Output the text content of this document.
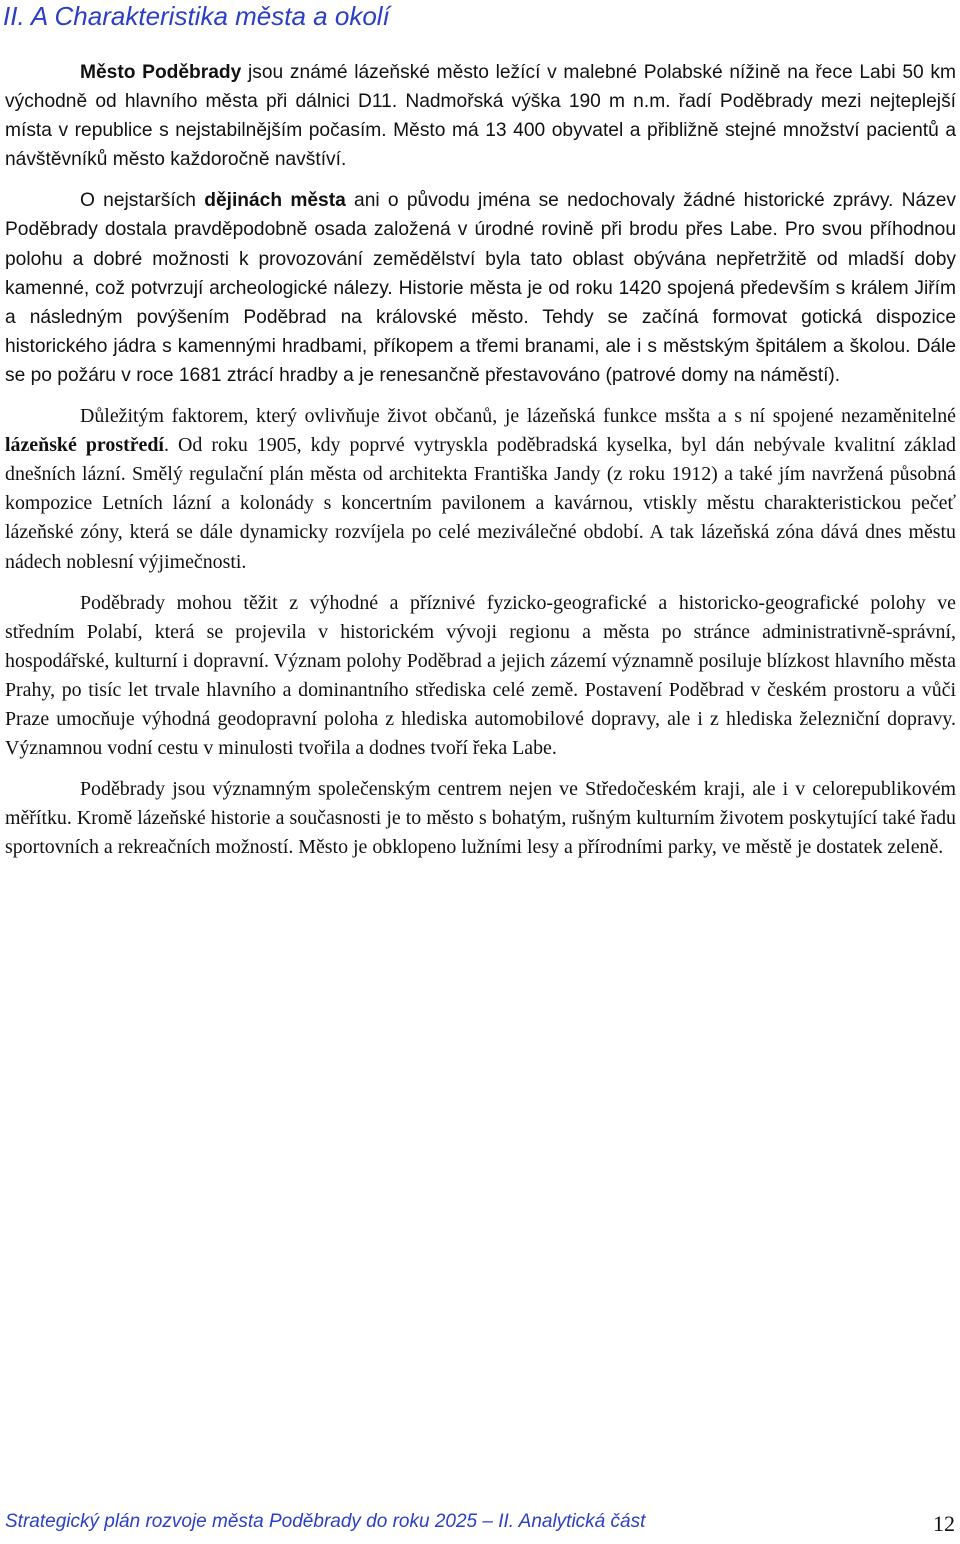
II. A Charakteristika města a okolí

Město Poděbrady jsou známé lázeňské město ležící v malebné Polabské nížině na řece Labi 50 km východně od hlavního města při dálnici D11. Nadmořská výška 190 m n.m. řadí Poděbrady mezi nejteplejší místa v republice s nejstabilnějším počasím. Město má 13 400 obyvatel a přibližně stejné množství pacientů a návštěvníků město každoročně navštíví.

O nejstarších dějinách města ani o původu jména se nedochovaly žádné historické zprávy. Název Poděbrady dostala pravděpodobně osada založená v úrodné rovině při brodu přes Labe. Pro svou příhodnou polohu a dobré možnosti k provozování zemědělství byla tato oblast obývána nepřetržitě od mladší doby kamenné, což potvrzují archeologické nálezy. Historie města je od roku 1420 spojená především s králem Jiřím a následným povýšením Poděbrad na královské město. Tehdy se začíná formovat gotická dispozice historického jádra s kamennými hradbami, příkopem a třemi branami, ale i s městským špitálem a školou. Dále se po požáru v roce 1681 ztrácí hradby a je renesančně přestavováno (patrové domy na náměstí).

Důležitým faktorem, který ovlivňuje život občanů, je lázeňská funkce msšta a s ní spojené nezaměnitelné lázeňské prostředí. Od roku 1905, kdy poprvé vytryskla poděbradská kyselka, byl dán nebývale kvalitní základ dnešních lázní. Smělý regulační plán města od architekta Františka Jandy (z roku 1912) a také jím navržená působná kompozice Letních lázní a kolonády s koncertním pavilonem a kavárnou, vtiskly městu charakteristickou pečeť lázeňské zóny, která se dále dynamicky rozvíjela po celé meziválečné období. A tak lázeňská zóna dává dnes městu nádech noblesní výjimečnosti.

Poděbrady mohou těžit z výhodné a příznivé fyzicko-geografické a historicko-geografické polohy ve středním Polabí, která se projevila v historickém vývoji regionu a města po stránce administrativně-správní, hospodářské, kulturní i dopravní. Význam polohy Poděbrad a jejich zázemí významně posiluje blízkost hlavního města Prahy, po tisíc let trvale hlavního a dominantního střediska celé země. Postavení Poděbrad v českém prostoru a vůči Praze umocňuje výhodná geodopravní poloha z hlediska automobilové dopravy, ale i z hlediska železniční dopravy. Významnou vodní cestu v minulosti tvořila a dodnes tvoří řeka Labe.

Poděbrady jsou významným společenským centrem nejen ve Středočeském kraji, ale i v celorepublikovém měřítku. Kromě lázeňské historie a současnosti je to město s bohatým, rušným kulturním životem poskytující také řadu sportovních a rekreačních možností. Město je obklopeno lužními lesy a přírodními parky, ve městě je dostatek zeleně.

Strategický plán rozvoje města Poděbrady do roku 2025 – II. Analytická část	12
